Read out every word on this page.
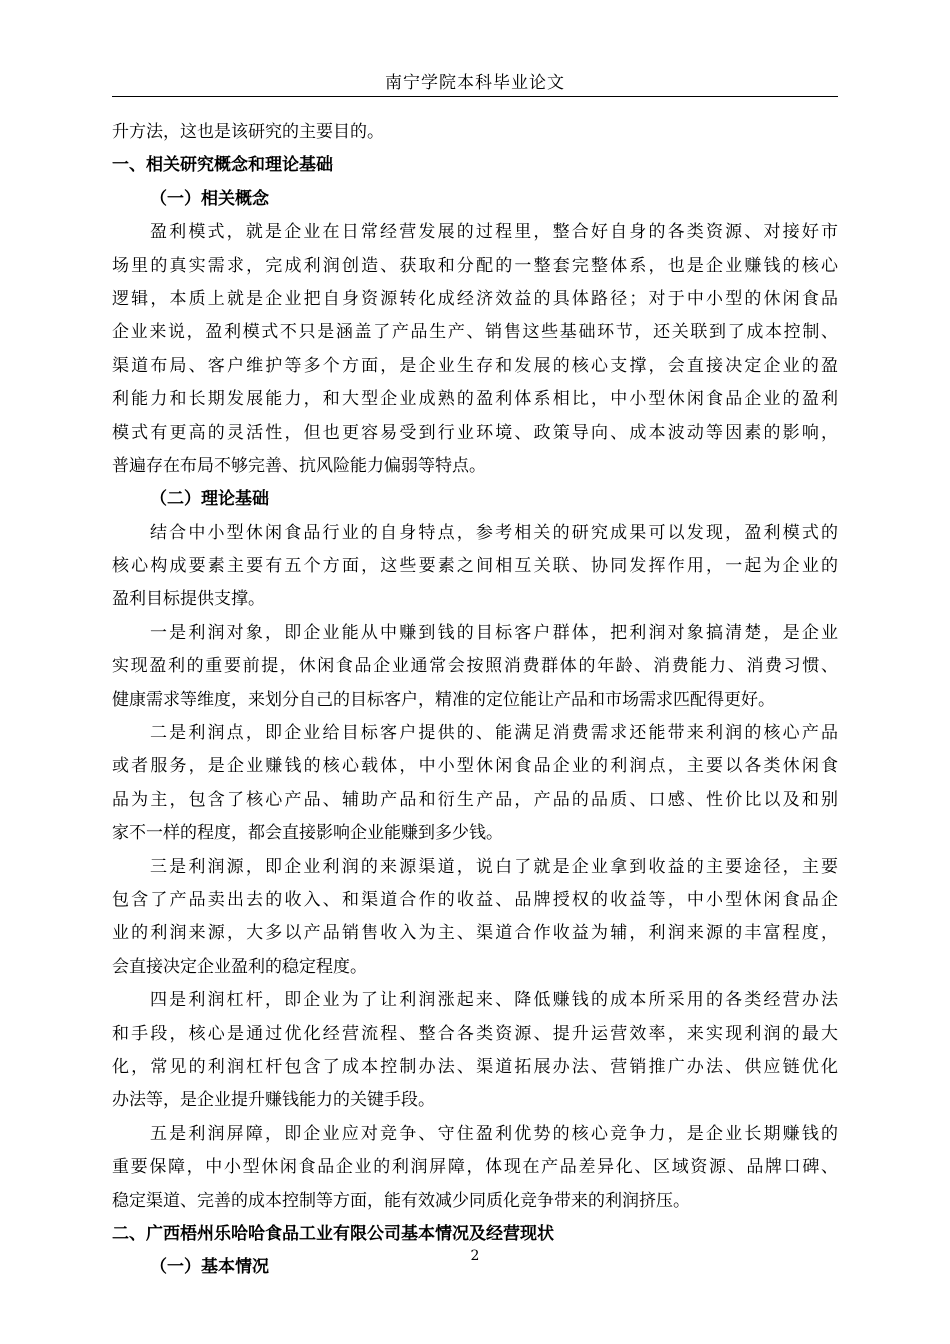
南宁学院本科毕业论文
升方法，这也是该研究的主要目的。
一、相关研究概念和理论基础
（一）相关概念
盈利模式，就是企业在日常经营发展的过程里，整合好自身的各类资源、对接好市
场里的真实需求，完成利润创造、获取和分配的一整套完整体系，也是企业赚钱的核心
逻辑，本质上就是企业把自身资源转化成经济效益的具体路径；对于中小型的休闲食品
企业来说，盈利模式不只是涵盖了产品生产、销售这些基础环节，还关联到了成本控制、
渠道布局、客户维护等多个方面，是企业生存和发展的核心支撑，会直接决定企业的盈
利能力和长期发展能力，和大型企业成熟的盈利体系相比，中小型休闲食品企业的盈利
模式有更高的灵活性，但也更容易受到行业环境、政策导向、成本波动等因素的影响，
普遍存在布局不够完善、抗风险能力偏弱等特点。
（二）理论基础
结合中小型休闲食品行业的自身特点，参考相关的研究成果可以发现，盈利模式的
核心构成要素主要有五个方面，这些要素之间相互关联、协同发挥作用，一起为企业的
盈利目标提供支撑。
一是利润对象，即企业能从中赚到钱的目标客户群体，把利润对象搞清楚，是企业
实现盈利的重要前提，休闲食品企业通常会按照消费群体的年龄、消费能力、消费习惯、
健康需求等维度，来划分自己的目标客户，精准的定位能让产品和市场需求匹配得更好。
二是利润点，即企业给目标客户提供的、能满足消费需求还能带来利润的核心产品
或者服务，是企业赚钱的核心载体，中小型休闲食品企业的利润点，主要以各类休闲食
品为主，包含了核心产品、辅助产品和衍生产品，产品的品质、口感、性价比以及和别
家不一样的程度，都会直接影响企业能赚到多少钱。
三是利润源，即企业利润的来源渠道，说白了就是企业拿到收益的主要途径，主要
包含了产品卖出去的收入、和渠道合作的收益、品牌授权的收益等，中小型休闲食品企
业的利润来源，大多以产品销售收入为主、渠道合作收益为辅，利润来源的丰富程度，
会直接决定企业盈利的稳定程度。
四是利润杠杆，即企业为了让利润涨起来、降低赚钱的成本所采用的各类经营办法
和手段，核心是通过优化经营流程、整合各类资源、提升运营效率，来实现利润的最大
化，常见的利润杠杆包含了成本控制办法、渠道拓展办法、营销推广办法、供应链优化
办法等，是企业提升赚钱能力的关键手段。
五是利润屏障，即企业应对竞争、守住盈利优势的核心竞争力，是企业长期赚钱的
重要保障，中小型休闲食品企业的利润屏障，体现在产品差异化、区域资源、品牌口碑、
稳定渠道、完善的成本控制等方面，能有效减少同质化竞争带来的利润挤压。
二、广西梧州乐哈哈食品工业有限公司基本情况及经营现状
（一）基本情况
2
